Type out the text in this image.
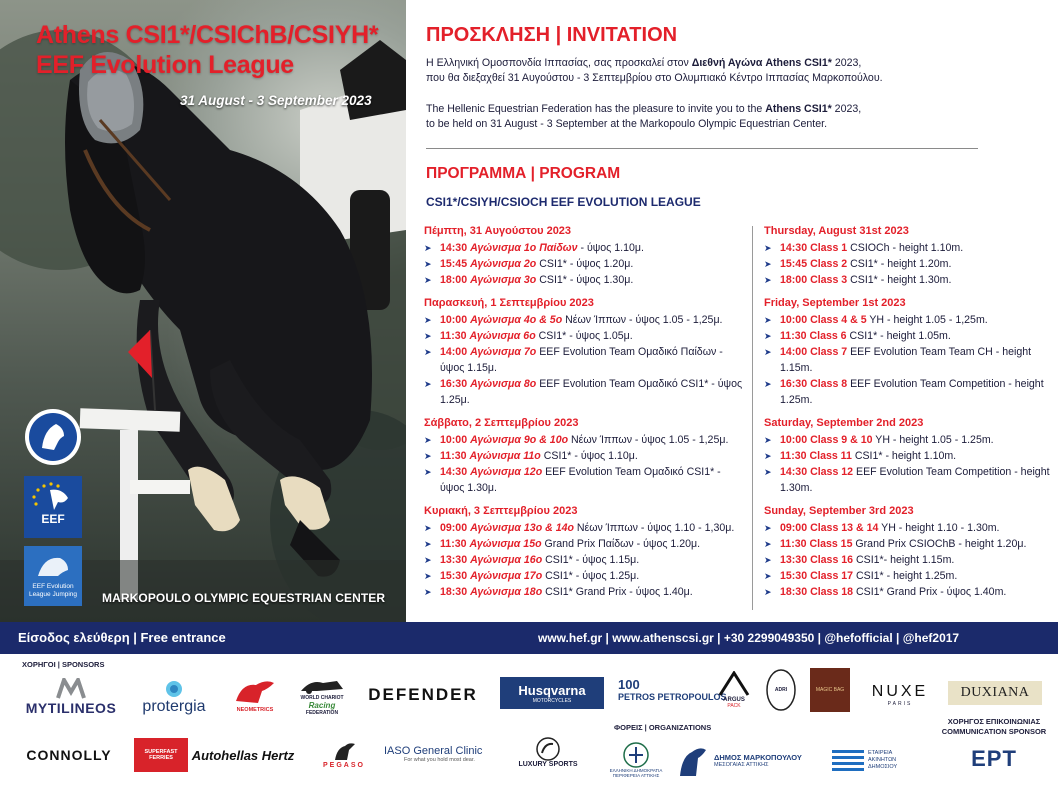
Athens CSI1*/CSIChB/CSIYH*
EEF Evolution League
31 August - 3 September 2023
EEF
EEF Evolution League Jumping MARKOPOULO OLYMPIC EQUESTRIAN CENTER
ΠΡΟΣΚΛΗΣΗ | INVITATION
Η Ελληνική Ομοσπονδία Ιππασίας, σας προσκαλεί στον Διεθνή Αγώνα Athens CSI1* 2023,
που θα διεξαχθεί 31 Αυγούστου - 3 Σεπτεμβρίου στο Ολυμπιακό Κέντρο Ιππασίας Μαρκοπούλου.
The Hellenic Equestrian Federation has the pleasure to invite you to the Athens CSI1* 2023,
to be held on 31 August - 3 September at the Markopoulo Olympic Equestrian Center.
ΠΡΟΓΡΑΜΜΑ | PROGRAM
CSI1*/CSIYH/CSIOCH EEF EVOLUTION LEAGUE
Πέμπτη, 31 Αυγούστου 2023
➤ 14:30 Αγώνισμα 1ο Παίδων - ύψος 1.10μ.
➤ 15:45 Αγώνισμα 2ο CSI1* - ύψος 1.20μ.
➤ 18:00 Αγώνισμα 3ο CSI1* - ύψος 1.30μ.
Παρασκευή, 1 Σεπτεμβρίου 2023
➤ 10:00 Αγώνισμα 4ο & 5ο Νέων Ίππων - ύψος 1.05 - 1,25μ.
➤ 11:30 Αγώνισμα 6ο CSI1* - ύψος 1.05μ.
➤ 14:00 Αγώνισμα 7ο EEF Evolution Team Ομαδικό Παίδων - ύψος 1.15μ.
➤ 16:30 Αγώνισμα 8ο EEF Evolution Team Ομαδικό CSI1* - ύψος 1.25μ.
Σάββατο, 2 Σεπτεμβρίου 2023
➤ 10:00 Αγώνισμα 9ο & 10ο Νέων Ίππων - ύψος 1.05 - 1,25μ.
➤ 11:30 Αγώνισμα 11ο CSI1* - ύψος 1.10μ.
➤ 14:30 Αγώνισμα 12ο EEF Evolution Team Ομαδικό CSI1* - ύψος 1.30μ.
Κυριακή, 3 Σεπτεμβρίου 2023
➤ 09:00 Αγώνισμα 13ο & 14ο Νέων Ίππων - ύψος 1.10 - 1,30μ.
➤ 11:30 Αγώνισμα 15ο Grand Prix Παίδων - ύψος 1.20μ.
➤ 13:30 Αγώνισμα 16ο CSI1* - ύψος 1.15μ.
➤ 15:30 Αγώνισμα 17ο CSI1* - ύψος 1.25μ.
➤ 18:30 Αγώνισμα 18ο CSI1* Grand Prix - ύψος 1.40μ.
Thursday, August 31st 2023
➤ 14:30 Class 1 CSIOCh - height 1.10m.
➤ 15:45 Class 2 CSI1* - height 1.20m.
➤ 18:00 Class 3 CSI1* - height 1.30m.
Friday, September 1st 2023
➤ 10:00 Class 4 & 5 YH - height 1.05 - 1,25m.
➤ 11:30 Class 6 CSI1* - height 1.05m.
➤ 14:00 Class 7 EEF Evolution Team Team CH - height 1.15m.
➤ 16:30 Class 8 EEF Evolution Team Competition - height 1.25m.
Saturday, September 2nd 2023
➤ 10:00 Class 9 & 10 YH - height 1.05 - 1.25m.
➤ 11:30 Class 11 CSI1* - height 1.10m.
➤ 14:30 Class 12 EEF Evolution Team Competition - height 1.30m.
Sunday, September 3rd 2023
➤ 09:00 Class 13 & 14 YH - height 1.10 - 1.30m.
➤ 11:30 Class 15 Grand Prix CSIOChB - height 1.20μ.
➤ 13:30 Class 16 CSI1*- height 1.15m.
➤ 15:30 Class 17 CSI1* - height 1.25m.
➤ 18:30 Class 18 CSI1* Grand Prix - ύψος 1.40m.
Είσοδος ελεύθερη | Free entrance	www.hef.gr | www.athenscsi.gr | +30 2299049350 | @hefofficial | @hef2017
ΧΟΡΗΓΟΙ | SPONSORS
MYTILINEOS protergia	NEOMETRICS
WORLD CHARIOT
Racing
FEDERATION
DEFENDER	Husqvarna
MOTORCYCLES
100
PETROS PETROPOULOS
ARGUS
PACK
ADRI	MAGIC BAG NUXE
PARIS
DUXIANA
ΧΟΡΗΓΟΣ ΕΠΙΚΟΙΝΩΝΙΑΣ
COMMUNICATION SPONSOR
ΦΟΡΕΙΣ | ORGANIZATIONS
CONNOLLY	SUPERFAST FERRIES	Autohellas Hertz
PEGASO
IASO General Clinic
For what you hold most dear.
LUXURY SPORTS
ΕΛΛΗΝΙΚΗ ΔΗΜΟΚΡΑΤΙΑ
ΠΕΡΙΦΕΡΕΙΑ ΑΤΤΙΚΗΣ
ΔΗΜΟΣ ΜΑΡΚΟΠΟΥΛΟΥ
ΜΕΣΟΓΑΙΑΣ ΑΤΤΙΚΗΣ
ΕΤΑΙΡΕΙΑ
ΑΚΙΝΗΤΩΝ
ΔΗΜΟΣΙΟΥ	ΕΡΤ
